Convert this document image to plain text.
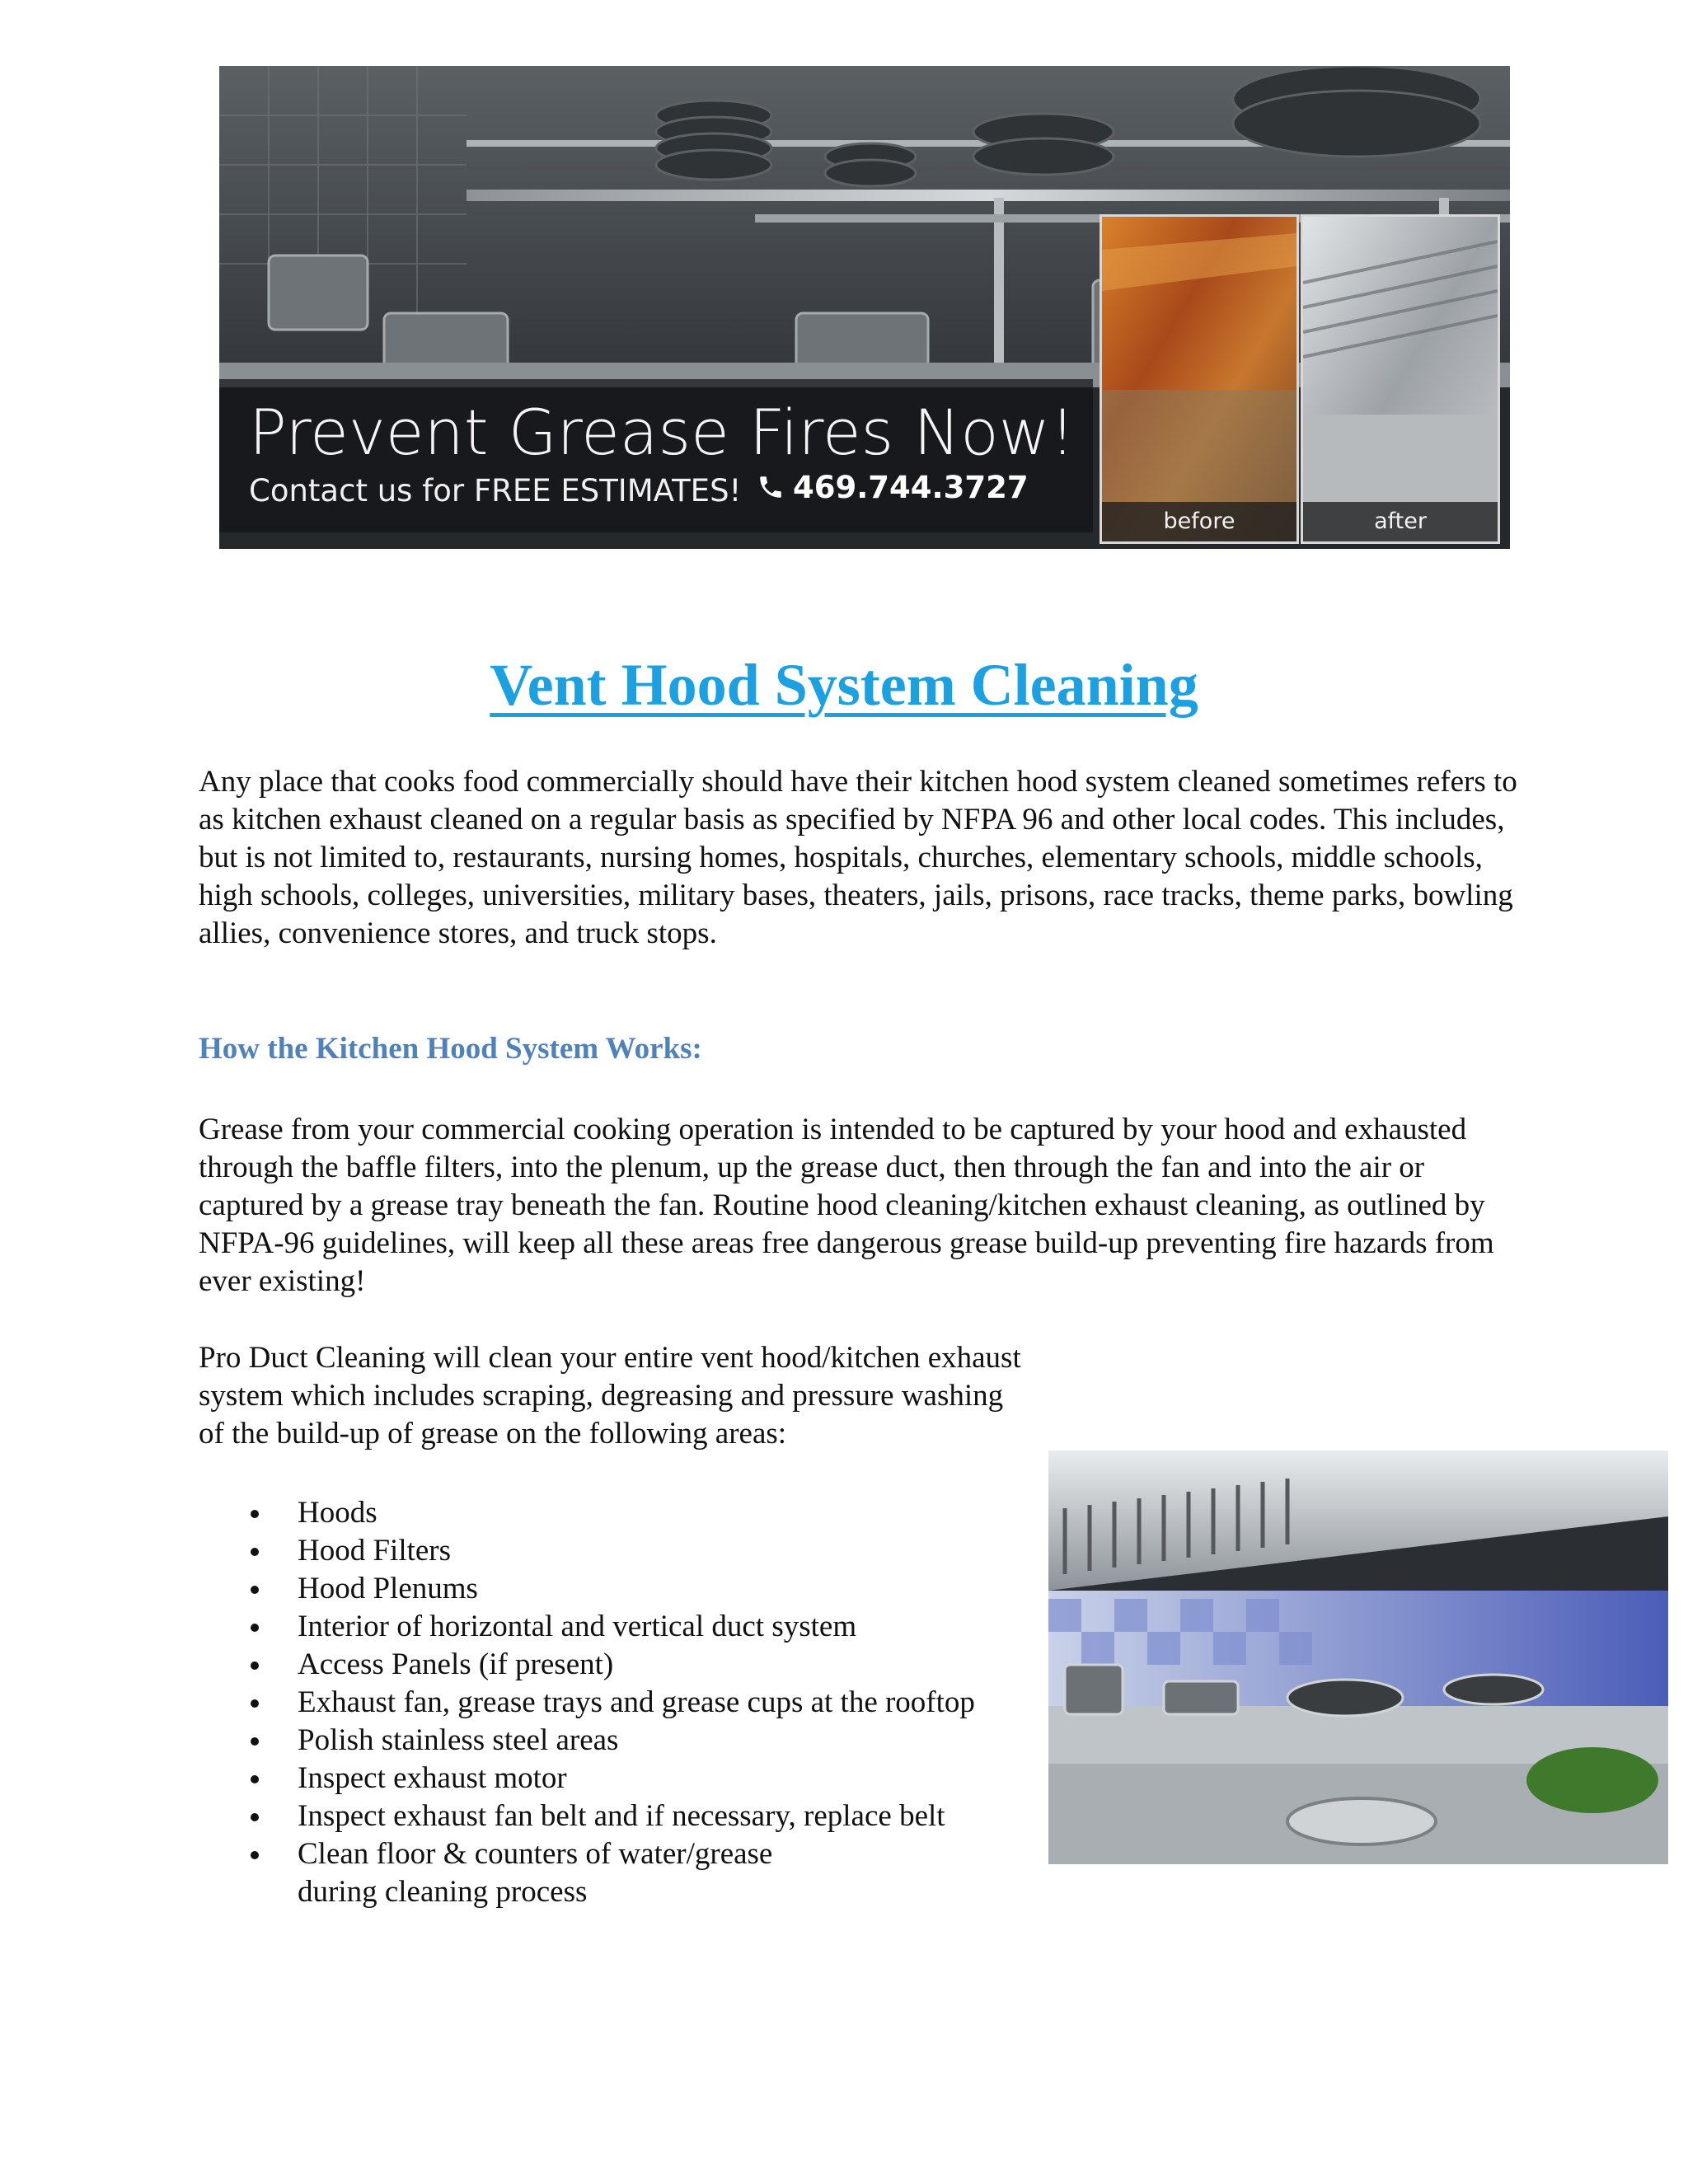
Prevent Grease Fires Now!
Contact us for FREE ESTIMATES!	469.744.3727
before	after
Vent Hood System Cleaning

Any place that cooks food commercially should have their kitchen hood system cleaned sometimes refers to as kitchen exhaust cleaned on a regular basis as specified by NFPA 96 and other local codes. This includes, but is not limited to, restaurants, nursing homes, hospitals, churches, elementary schools, middle schools, high schools, colleges, universities, military bases, theaters, jails, prisons, race tracks, theme parks, bowling allies, convenience stores, and truck stops.

How the Kitchen Hood System Works:

Grease from your commercial cooking operation is intended to be captured by your hood and exhausted through the baffle filters, into the plenum, up the grease duct, then through the fan and into the air or captured by a grease tray beneath the fan. Routine hood cleaning/kitchen exhaust cleaning, as outlined by NFPA-96 guidelines, will keep all these areas free dangerous grease build-up preventing fire hazards from ever existing!

Pro Duct Cleaning will clean your entire vent hood/kitchen exhaust system which includes scraping, degreasing and pressure washing of the build-up of grease on the following areas:

Hoods
Hood Filters
Hood Plenums
Interior of horizontal and vertical duct system
Access Panels (if present)
Exhaust fan, grease trays and grease cups at the rooftop
Polish stainless steel areas
Inspect exhaust motor
Inspect exhaust fan belt and if necessary, replace belt
Clean floor & counters of water/grease during cleaning process
